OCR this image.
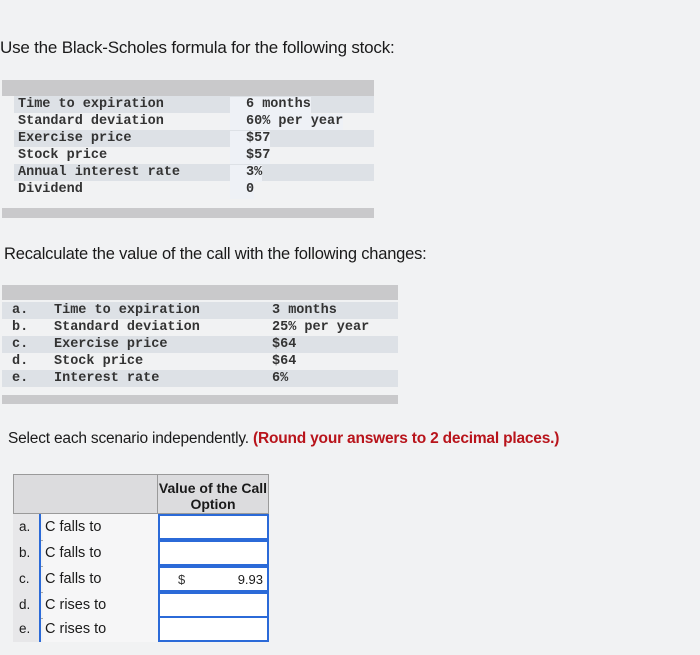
Use the Black-Scholes formula for the following stock:
Time to expiration	6 months
Standard deviation	60% per year
Exercise price	$57
Stock price	$57
Annual interest rate	3%
Dividend	0
Recalculate the value of the call with the following changes:
a. Time to expiration	3 months
b. Standard deviation	25% per year
c. Exercise price	$64
d. Stock price	$64
e. Interest rate	6%
Select each scenario independently. (Round your answers to 2 decimal places.)
Value of the Call Option
a.	C falls to
b.	C falls to
c.	C falls to	$	9.93
d.	C rises to
e.	C rises to
